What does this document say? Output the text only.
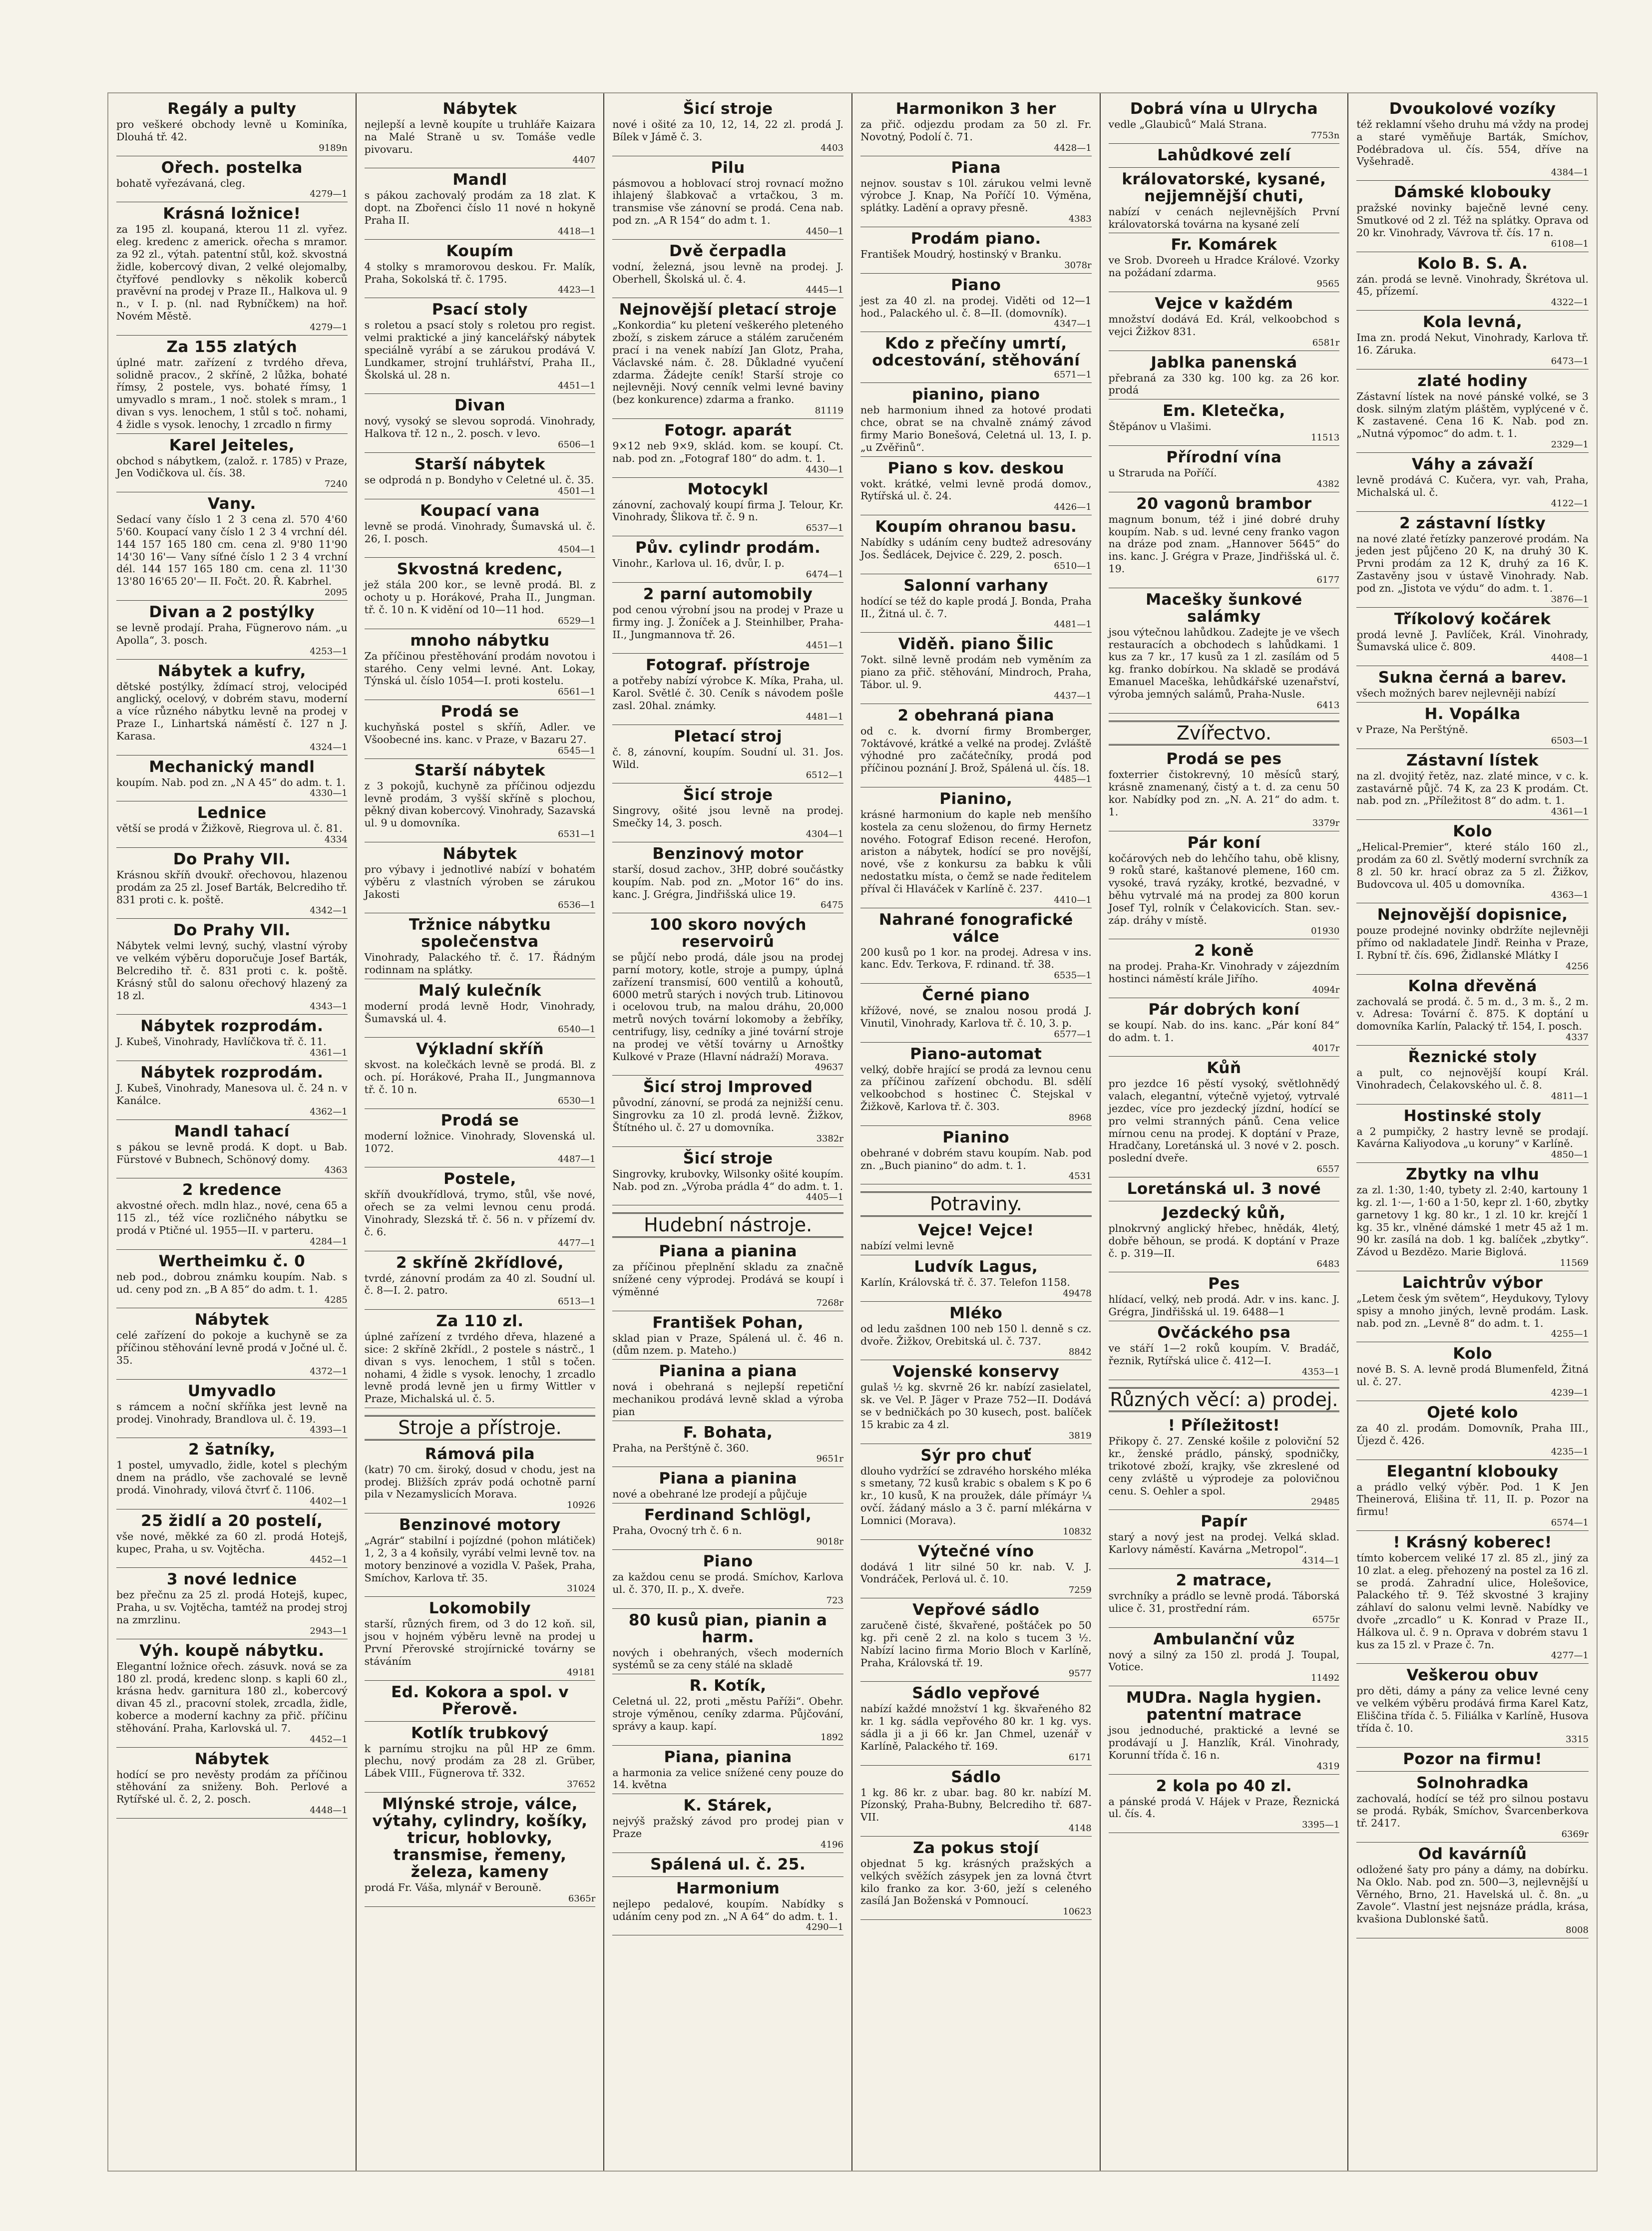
Regály a pulty

pro veškeré obchody levně u Kominíka, Dlouhá tř. 42.

9189n
Ořech. postelka

bohatě vyřezávaná, cleg.

4279—1
Krásná ložnice!

za 195 zl. koupaná, kterou 11 zl. vyřez. eleg. kredenc z americk. ořecha s mramor. za 92 zl., výtah. patentní stůl, kož. skvostná židle, kobercový divan, 2 velké olejomalby, čtyřfové pendlovky s několik koberců pravěvní na prodej v Praze II., Halkova ul. 9 n., v I. p. (nl. nad Rybníčkem) na hoř. Novém Městě.

4279—1
Za 155 zlatých

úplné matr. zařízení z tvrdého dřeva, solidně pracov., 2 skříně, 2 lůžka, bohaté římsy, 2 postele, vys. bohaté římsy, 1 umyvadlo s mram., 1 noč. stolek s mram., 1 divan s vys. lenochem, 1 stůl s toč. nohami, 4 židle s vysok. lenochy, 1 zrcadlo n firmy

Karel Jeiteles,

obchod s nábytkem, (založ. r. 1785) v Praze, Jen Vodičkova ul. čís. 38.

7240
Vany.

Sedací vany číslo 1 2 3 cena zl. 570 4'60 5'60. Koupací vany číslo 1 2 3 4 vrchní dél. 144 157 165 180 cm. cena zl. 9'80 11'90 14'30 16'— Vany síťné číslo 1 2 3 4 vrchní dél. 144 157 165 180 cm. cena zl. 11'30 13'80 16'65 20'— II. Fočt. 20. Ř. Kabrhel.

2095
Divan a 2 postýlky

se levně prodají. Praha, Fügnerovo nám. „u Apolla“, 3. posch.

4253—1
Nábytek a kufry,

dětské postýlky, ždímací stroj, velocipéd anglický, ocelový, v dobrém stavu, moderní a více různého nábytku levně na prodej v Praze I., Linhartská náměstí č. 127 n J. Karasa.

4324—1
Mechanický mandl

koupím. Nab. pod zn. „N A 45“ do adm. t. 1.

4330—1
Lednice

větší se prodá v Žižkově, Riegrova ul. č. 81.

4334
Do Prahy VII.

Krásnou skříň dvoukř. ořechovou, hlazenou prodám za 25 zl. Josef Barták, Belcredihо tř. 831 proti c. k. pоště.

4342—1
Do Prahy VII.

Nábytek velmi levný, suchý, vlastní výroby ve velkém výběru doporučuje Josef Barták, Belcrediho tř. č. 831 proti c. k. poště. Krásný stůl do salonu ořechový hlazený za 18 zl.

4343—1
Nábytek rozprodám.

J. Kubeš, Vinohrady, Havlíčkova tř. č. 11.

4361—1
Nábytek rozprodám.

J. Kubeš, Vinohrady, Manesova ul. č. 24 n. v Kanálce.

4362—1
Mandl tahací

s pákou se levně prodá. K dopt. u Bab. Fürstové v Bubnech, Schönový domy.

4363
2 kredence

akvostné ořech. mdln hlaz., nové, cena 65 a 115 zl., též více rozličného nábytku se prodá v Ptičné ul. 1955—II. v parteru.

4284—1
Wertheimku č. 0

neb pod., dobrou známku koupím. Nab. s ud. ceny pod zn. „B A 85“ do adm. t. 1.

4285
Nábytek

celé zařízení do pokoje a kuchyně se za příčinou stěhování levně prodá v Jočné ul. č. 35.

4372—1
Umyvadlo

s rámcem a noční skříňka jest levně na prodej. Vinohrady, Brandlova ul. č. 19.

4393—1
2 šatníky,

1 postel, umyvadlo, židle, kotel s plechým dnem na prádlo, vše zachovalé se levně prodá. Vinohrady, vilová čtvrť č. 1106.

4402—1
25 židlí a 20 postelí,

vše nové, měkké za 60 zl. prodá Hotejš, kupec, Praha, u sv. Vojtěcha.

4452—1
3 nové lednice

bez přečnu za 25 zl. prodá Hotejš, kupec, Praha, u sv. Vojtěcha, tamtéž na prodej stroj na zmrzlinu.

2943—1
Výh. koupě nábytku.

Elegantní ložnice ořech. zásuvk. nová se za 180 zl. prodá, kredenc slonp. s kapli 60 zl., krásna hedv. garnitura 180 zl., kobercový divan 45 zl., pracovní stolek, zrcadla, židle, koberce a moderní kachny za přič. příčinu stěhování. Praha, Karlovská ul. 7.

4452—1
Nábytek

hodící se pro nevěsty prodám za příčinou stěhování za sniženy. Boh. Perlové a Rytířské ul. č. 2, 2. posch.

4448—1
Nábytek

nejlepší a levně koupíte u truhláře Kaizara na Malé Straně u sv. Tomáše vedle pivovaru.

4407
Mandl

s pákou zachovalý prodám za 18 zlat. K dopt. na Zbořenci číslo 11 nové n hokyně Praha II.

4418—1
Koupím

4 stolky s mramorovou deskou. Fr. Malík, Praha, Sokolská tř. č. 1795.

4423—1
Psací stoly

s roletou a psací stoly s roletou pro regist. velmi praktické a jiný kancelářský nábytek speciálně vyrábí a se zárukou prodává V. Lundkamer, strojní truhlářství, Praha II., Školská ul. 28 n.

4451—1
Divan

nový, vysoký se slevou soprodá. Vinohrady, Halkova tř. 12 n., 2. posch. v levo.

6506—1
Starší nábytek

se odprodá n p. Bondyho v Celetné ul. č. 35.

4501—1
Koupací vana

levně se prodá. Vinohrady, Šumavská ul. č. 26, I. posch.

4504—1
Skvostná kredenc,

jež stála 200 kor., se levně prodá. Bl. z ochoty u p. Horákové, Praha II., Jungman. tř. č. 10 n. K vidění od 10—11 hod.

6529—1
mnoho nábytku

Za příčinou přestěhování prodám novotou i starého. Ceny velmi levné. Ant. Lokay, Týnská ul. číslo 1054—I. proti kostelu.

6561—1
Prodá se

kuchyňská postel s skříň, Adler. ve Všoobecné ins. kanc. v Praze, v Bazaru 27.

6545—1
Starší nábytek

z 3 pokojů, kuchyně za příčinou odjezdu levně prodám, 3 vyšší skříně s plochou, pěkný divan kobercový. Vinohrady, Sazavská ul. 9 u domovníka.

6531—1
Nábytek

pro výbavy i jednotlivé nabízí v bohatém výběru z vlastních výroben se zárukou Jakosti

6536—1
Tržnice nábytku společenstva

Vinohrady, Palackého tř. č. 17. Řádným rodinnam na splátky.

Malý kulečník

moderní prodá levně Hodr, Vinohrady, Šumavská ul. 4.

6540—1
Výkladní skříň

skvost. na kolečkách levně se prodá. Bl. z och. pí. Horákové, Praha II., Jungmannova tř. č. 10 n.

6530—1
Prodá se

moderní ložnice. Vinohrady, Slovenská ul. 1072.

4487—1
Postele,

skříň dvoukřídlová, trymo, stůl, vše nové, ořech se za velmi levnou cenu prodá. Vinohrady, Slezská tř. č. 56 n. v přízemí dv. č. 6.

4477—1
2 skříně 2křídlové,

tvrdé, zánovní prodám za 40 zl. Soudní ul. č. 8—I. 2. patro.

6513—1
Za 110 zl.

úplné zařízení z tvrdého dřeva, hlazené a sice: 2 skříně 2křídl., 2 postele s nástrč., 1 divan s vys. lenochem, 1 stůl s točen. nohami, 4 židle s vysok. lenochy, 1 zrcadlo levně prodá levně jen u firmy Wittler v Praze, Michalská ul. č. 5.

Stroje a přístroje.
Rámová pila

(katr) 70 cm. široký, dosud v chodu, jest na prodej. Bližších zpráv podá ochotně parní pila v Nezamyslicích Morava.

10926
Benzinové motory

„Agrár“ stabilní i pojízdné (pohon mlátiček) 1, 2, 3 a 4 koňsily, vyrábí velmi levně tov. na motory benzinové a vozidla V. Pašek, Praha, Smíchov, Karlova tř. 35.

31024
Lokomobily

starší, různých firem, od 3 do 12 koň. sil, jsou v hojném výběru levně na prodej u První Přerovské strojírnické továrny se stáváním

49181
Ed. Kokora a spol. v Přerově.
Kotlík trubkový

k parnímu strojku na půl HP ze 6mm. plechu, nový prodám za 28 zl. Grüber, Lábek VIII., Fügnerova tř. 332.

37652
Mlýnské stroje, válce, výtahy, cylindry, košíky, tricur, hoblovky, transmise, řemeny, železa, kameny

prodá Fr. Váša, mlynář v Berouně.

6365r
Šicí stroje

nové i ošité za 10, 12, 14, 22 zl. prodá J. Bílek v Jámě č. 3.

4403
Pilu

pásmovou a hoblovací stroj rovnací možno ihlajený šlabkovač a vrtačkou, 3 m. transmise vše zánovní se prodá. Cena nab. pod zn. „A R 154“ do adm t. 1.

4450—1
Dvě čerpadla

vodní, železná, jsou levně na prodej. J. Oberhell, Školská ul. č. 4.

4445—1
Nejnovější pletací stroje

„Konkordia“ ku pletení veškerého pleteného zboží, s ziskem záruce a stálém zaručeném prací i na venek nabízí Jan Glotz, Praha, Václavské nám. č. 28. Důkladné vyučení zdarma. Žádejte ceník! Starší stroje co nejlevněji. Nový cenník velmi levné baviny (bez konkurence) zdarma a franko.

81119
Fotogr. aparát

9×12 neb 9×9, sklád. kom. se koupí. Ct. nab. pod zn. „Fotograf 180“ do adm. t. 1.

4430—1
Motocykl

zánovní, zachovalý koupí firma J. Telour, Kr. Vinohrady, Šlikova tř. č. 9 n.

6537—1
Pův. cylindr prodám.

Vinohr., Karlova ul. 16, dvůr, I. p.

6474—1
2 parní automobily

pod cenou výrobní jsou na prodej v Praze u firmy ing. J. Žoníček a J. Steinhilber, Praha-II., Jungmannova tř. 26.

4451—1
Fotograf. přístroje

a potřeby nabízí výrobce K. Míka, Praha, ul. Karol. Světlé č. 30. Ceník s návodem pošle zasl. 20hal. známky.

4481—1
Pletací stroj

č. 8, zánovní, koupím. Soudní ul. 31. Jos. Wild.

6512—1
Šicí stroje

Singrovy, ošité jsou levně na prodej. Smečky 14, 3. posch.

4304—1
Benzinový motor

starší, dosud zachov., 3HP, dobré součástky koupím. Nab. pod zn. „Motor 16“ do ins. kanc. J. Grégra, Jindřišská ulice 19.

6475
100 skoro nových reservoirů

se půjčí nebo prodá, dále jsou na prodej parní motory, kotle, stroje a pumpy, úplná zařízení transmisí, 600 ventilů a kohoutů, 6000 metrů starých i nových trub. Litinovou i ocelovou trub, na malou dráhu, 20,000 metrů nových tovární lokomoby a žebříky, centrifugy, lisy, cedníky a jiné tovární stroje na prodej ve větší továrny u Arnoštky Kulkové v Praze (Hlavní nádraží) Morava.

49637
Šicí stroj Improved

původní, zánovní, se prodá za nejnižší cenu. Singrovku za 10 zl. prodá levně. Žižkov, Štítného ul. č. 27 u domovníka.

3382r
Šicí stroje

Singrovky, krubovky, Wilsonky ošité koupím. Nab. pod zn. „Výroba prádla 4“ do adm. t. 1.

4405—1
Hudební nástroje.
Piana a pianina

za příčinou přeplnění skladu za značně snížené ceny výprodej. Prodává se koupí i výměnné

7268r
František Pohan,

sklad pian v Praze, Spálená ul. č. 46 n. (dům nzem. p. Mateho.)

Pianina a piana

nová i obehraná s nejlepší repetiční mechanikou prodává levně sklad a výroba pian

F. Bohata,

Praha, na Perštýně č. 360.

9651r
Piana a pianina

nové a obehrané lze prodejí a půjčuje

Ferdinand Schlögl,

Praha, Ovocný trh č. 6 n.

9018r
Piano

za každou cenu se prodá. Smíchov, Karlova ul. č. 370, II. p., X. dveře.

723
80 kusů pian, pianin a harm.

nových i obehraných, všech moderních systémů se za ceny stálé na skladě

R. Kotík,

Celetná ul. 22, proti „městu Paříži“. Obehr. stroje výměnou, ceníky zdarma. Půjčování, správy a kaup. kapí.

1892
Piana, pianina

a harmonia za velice snížené ceny pouze do 14. května

K. Stárek,

nejvýš pražský závod pro prodej pian v Praze

4196
Spálená ul. č. 25.
Harmonium

nejlepo pedalové, koupím. Nabídky s udáním ceny pod zn. „N A 64“ do adm. t. 1.

4290—1
Harmonikon 3 her

za přič. odjezdu prodam za 50 zl. Fr. Novotný, Podolí č. 71.

4428—1
Piana

nejnov. soustav s 10l. zárukou velmi levně výrobce J. Knap, Na Poříčí 10. Výměna, splátky. Ladění a opravy přesně.

4383
Prodám piano.

František Moudrý, hostinský v Branku.

3078r
Piano

jest za 40 zl. na prodej. Viděti od 12—1 hod., Palackého ul. č. 8—II. (domovník).

4347—1
Kdo z přečíny umrtí, odcestování, stěhování
6571—1
pianino, piano

neb harmonium ihned za hotové prodati chce, obrat se na chvalně známý závod firmy Mario Bonešová, Celetná ul. 13, I. p. „u Zvěřinů“.

Piano s kov. deskou

vokt. krátké, velmi levně prodá domov., Rytířská ul. č. 24.

4426—1
Koupím ohranou basu.

Nabídky s udáním ceny budtež adresovány Jos. Šedlácek, Dejvice č. 229, 2. posch.

6510—1
Salonní varhany

hodící se též do kaple prodá J. Bonda, Praha II., Žitná ul. č. 7.

4481—1
Viděň. piano Šilic

7okt. silně levně prodám neb vyměním za piano za přič. stěhování, Mindroch, Praha, Tábor. ul. 9.

4437—1
2 obehraná piana

od c. k. dvorní firmy Bromberger, 7oktávové, krátké a velké na prodej. Zvláště výhodné pro začátečníky, prodá pod příčinou poznání J. Brož, Spálená ul. čís. 18.

4485—1
Pianino,

krásné harmonium do kaple neb menšího kostela za cenu složenou, do firmy Hernetz nového. Fotograf Edison recené. Herofon, ariston a nábytek, hodící se pro novější, nové, vše z konkursu za babku k vůli nedostatku místa, o čemž se nade ředitelem příval či Hlaváček v Karlíně č. 237.

4410—1
Nahrané fonografické válce

200 kusů po 1 kor. na prodej. Adresa v ins. kanc. Edv. Terkova, F. rdinand. tř. 38.

6535—1
Černé piano

křížové, nové, se znalou nosou prodá J. Vinutil, Vinohrady, Karlova tř. č. 10, 3. p.

6577—1
Piano-automat

velký, dobře hrající se prodá za levnou cenu za příčinou zařízení obchodu. Bl. sdělí velkoobchod s hostinec Č. Stejskal v Žižkově, Karlova tř. č. 303.

8968
Pianino

obehrané v dobrém stavu koupím. Nab. pod zn. „Buch pianino“ do adm. t. 1.

4531
Potraviny.
Vejce! Vejce!

nabízí velmi levně

Ludvík Lagus,

Karlín, Královská tř. č. 37. Telefon 1158.

49478
Mléko

od ledu zašdnen 100 neb 150 l. denně s cz. dvoře. Žižkov, Orebitská ul. č. 737.

8842
Vojenské konservy

gulaš ½ kg. skvrně 26 kr. nabízí zasielatel, sk. ve Vel. P. Jäger v Praze 752—II. Dodává se v bedničkách po 30 kusech, post. balíček 15 krabic za 4 zl.

3819
Sýr pro chuť

dlouho vydržící se zdravého horského mléka s smetany, 72 kusů krabic s obalem s K po 6 kr., 10 kusů, K na proužek, dále přímáyr ¼ ovčí. žádaný máslo a 3 č. parní mlékárna v Lomnici (Morava).

10832
Výtečné víno

dodává 1 litr silné 50 kr. nab. V. J. Vondráček, Perlová ul. č. 10.

7259
Vepřové sádlo

zaručeně čisté, škvařené, poštáček po 50 kg. při ceně 2 zl. na kolo s tucem 3 ½. Nabízí lacino firma Morio Bloch v Karlíně, Praha, Královská tř. 19.

9577
Sádlo vepřové

nabízí každé množství 1 kg. škvařeného 82 kr. 1 kg. sádla vepřového 80 kr. 1 kg. vys. sádla ji a ji 66 kr. Jan Chmel, uzenář v Karlíně, Palackého tř. 169.

6171
Sádlo

1 kg. 86 kr. z ubar. bag. 80 kr. nabízí M. Pízonský, Praha-Bubny, Belcrediho tř. 687-VII.

4148
Za pokus stojí

objednat 5 kg. krásných pražských a velkých svěžích zásypek jen za lovná čtvrt kilo franko za kor. 3·60, ježí s celeného zasílá Jan Boženská v Pomnoucí.

10623
Dobrá vína u Ulrycha

vedle „Glaubiců“ Malá Strana.

7753n
Lahůdkové zelí
královatorské, kysané, nejjemnější chuti,

nabízí v cenách nejlevnějších První královatorská továrna na kysané zelí

Fr. Komárek

ve Srob. Dvoreeh u Hradce Králové. Vzorky na požádaní zdarma.

9565
Vejce v každém

množství dodává Ed. Král, velkoobchod s vejci Žižkov 831.

6581r
Jablka panenská

přebraná za 330 kg. 100 kg. za 26 kor. prodá

Em. Kletečka,

Štěpánov u Vlašimi.

11513
Přírodní vína

u Straruda na Poříčí.

4382
20 vagonů brambor

magnum bonum, též i jiné dobré druhy koupím. Nab. s ud. levné ceny franko vagon na dráze pod znam. „Hannover 5645“ do ins. kanc. J. Grégra v Praze, Jindřišská ul. č. 19.

6177
Macešky šunkové salámky

jsou výtečnou lahůdkou. Zadejte je ve všech restauracích a obchodech s lahůdkami. 1 kus za 7 kr., 17 kusů za 1 zl. zasílám od 5 kg. franko dobírkou. Na skladě se prodává Emanuel Maceška, lehůdkářské uzenařství, výroba jemných salámů, Praha-Nusle.

6413
Zvířectvo.
Prodá se pes

foxterrier čistokrevný, 10 měsíců starý, krásně znamenaný, čistý a t. d. za cenu 50 kor. Nabídky pod zn. „N. A. 21“ do adm. t. 1.

3379r
Pár koní

kočárových neb do lehčího tahu, obě klisny, 9 roků staré, kaštanové plemene, 160 cm. vysoké, travá ryzáky, krotké, bezvadné, v běhu vytrvalé má na prodej za 800 korun Josef Tyl, rolník v Ćelakovicích. Stan. sev.-záp. dráhy v místě.

01930
2 koně

na prodej. Praha-Kr. Vinohrady v zájezdním hostinci náměstí krále Jiřího.

4094r
Pár dobrých koní

se koupí. Nab. do ins. kanc. „Pár koní 84“ do adm. t. 1.

4017r
Kůň

pro jezdce 16 pěstí vysoký, světlohnědý valach, elegantní, výtečně vyjetoý, vytrvalé jezdec, více pro jezdecký jízdní, hodící se pro velmi stranných pánů. Cena velice mírnou cenu na prodej. K doptání v Praze, Hradčany, Loretánská ul. 3 nové v 2. posch. poslední dveře.

6557
Loretánská ul. 3 nové
Jezdecký kůň,

plnokrvný anglický hřebec, hnědák, 4letý, dobře běhoun, se prodá. K doptání v Praze č. p. 319—II.

6483
Pes

hlídací, velký, neb prodá. Adr. v ins. kanc. J. Grégra, Jindřišská ul. 19. 6488—1

Ovčáckého psa

ve stáří 1—2 roků koupím. V. Bradáč, řeznik, Rytířská ulice č. 412—I.

4353—1
Různých věcí: a) prodej.
! Příležitost!

Přikopy č. 27. Zenské košile z poloviční 52 kr., ženské prádlo, pánský, spodničky, trikotové zboží, krajky, vše zkreslené od ceny zvláště u výprodeje za polovičnou cenu. S. Oehler a spol.

29485
Papír

starý a nový jest na prodej. Velká sklad. Karlovy náměstí. Kavárna „Metropol“.

4314—1
2 matrace,

svrchníky a prádlo se levně prodá. Táborská ulice č. 31, prostřední rám.

6575r
Ambulanční vůz

nový a silný za 150 zl. prodá J. Toupal, Votice.

11492
MUDra. Nagla hygien. patentní matrace

jsou jednoduché, praktické a levné se prodávají u J. Hanzlík, Král. Vinohrady, Korunní třída č. 16 n.

4319
2 kola po 40 zl.

a pánské prodá V. Hájek v Praze, Řeznická ul. čís. 4.

3395—1
Dvoukolové vozíky

též reklamní všeho druhu má vždy na prodej a staré vyměňuje Barták, Smíchov, Podébradova ul. čís. 554, dříve na Vyšehradě.

4384—1
Dámské klobouky

pražské novinky baječně levné ceny. Smutkové od 2 zl. Též na splátky. Oprava od 20 kr. Vinohrady, Vávrova tř. čís. 17 n.

6108—1
Kolo B. S. A.

zán. prodá se levně. Vinohrady, Škrétova ul. 45, přízemí.

4322—1
Kola levná,

Ima zn. prodá Nekut, Vinohrady, Karlova tř. 16. Záruka.

6473—1
zlaté hodiny

Zástavní lístek na nové pánské volké, se 3 dosk. silným zlatým pláštěm, vyplýcené v č. K zastavené. Cena 16 K. Nab. pod zn. „Nutná výpomoc“ do adm. t. 1.

2329—1
Váhy a závaží

levně prodává C. Kučera, vyr. vah, Praha, Michalská ul. č.

4122—1
2 zástavní lístky

na nové zlaté řetízky panzerové prodám. Na jeden jest půjčeno 20 K, na druhý 30 K. Prvni prodám za 12 K, druhý za 16 K. Zastavěny jsou v ústavě Vinohrady. Nab. pod zn. „Jistota ve výdu“ do adm. t. 1.

3876—1
Tříkolový kočárek

prodá levně J. Pavlíček, Král. Vinohrady, Šumavská ulice č. 809.

4408—1
Sukna černá a barev.

všech možných barev nejlevněji nabízí

H. Vopálka

v Praze, Na Perštýně.

6503—1
Zástavní lístek

na zl. dvojitý řetěz, naz. zlaté mince, v c. k. zastavárně půjč. 74 K, za 23 K prodám. Ct. nab. pod zn. „Příležitost 8“ do adm. t. 1.

4361—1
Kolo

„Helical-Premier“, které stálo 160 zl., prodám za 60 zl. Světlý moderní svrchník za 8 zl. 50 kr. hrací obraz za 5 zl. Žižkov, Budovcova ul. 405 u domovníka.

4363—1
Nejnovější dopisnice,

pouze prodejné novinky obdržíte nejlevněji přímo od nakladatele Jindř. Reinha v Praze, I. Rybní tř. čís. 696, Židlanské Mlátky I

4256
Kolna dřevěná

zachovalá se prodá. č. 5 m. d., 3 m. š., 2 m. v. Adresa: Tovární č. 875. K doptání u domovníka Karlín, Palacký tř. 154, I. posch.

4337
Řeznické stoly

a pult, co nejnovější koupí Král. Vinohradech, Čelakovského ul. č. 8.

4811—1
Hostinské stoly

a 2 pumpičky, 2 hastry levně se prodají. Kavárna Kaliyodova „u koruny“ v Karlíně.

4850—1
Zbytky na vlhu

za zl. 1:30, 1:40, tybety zl. 2:40, kartouny 1 kg. zl. 1·—, 1·60 a 1·50, kepr zl. 1·60, zbytky garnetovy 1 kg. 80 kr., 1 zl. 10 kr. krejčí 1 kg. 35 kr., vlněné dámské 1 metr 45 až 1 m. 90 kr. zasílá na dob. 1 kg. balíček „zbytky“. Závod u Bezdězo. Marie Biglová.

11569
Laichtrův výbor

„Letem česk ým světem“, Heydukovy, Tylovy spisy a mnoho jiných, levně prodám. Lask. nab. pod zn. „Levně 8“ do adm. t. 1.

4255—1
Kolo

nové B. S. A. levně prodá Blumenfeld, Žitná ul. č. 27.

4239—1
Ojeté kolo

za 40 zl. prodám. Domovník, Praha III., Újezd č. 426.

4235—1
Elegantní klobouky

a prádlo velký výběr. Pod. 1 K Jen Theinerová, Elišina tř. 11, II. p. Pozor na firmu!

6574—1
! Krásný koberec!

tímto kobercem veliké 17 zl. 85 zl., jiný za 10 zlat. a eleg. přehozený na postel za 16 zl. se prodá. Zahradní ulice, Holešovice, Palackého tř. 9. Též skvostné 3 krajiny záhlaví do salonu velmi levně. Nabídky ve dvoře „zrcadlo“ u K. Konrad v Praze II., Hálkova ul. č. 9 n. Oprava v dobrém stavu 1 kus za 15 zl. v Praze č. 7n.

4277—1
Veškerou obuv

pro děti, dámy a pány za velice levné ceny ve velkém výběru prodává firma Karel Katz, Eliščina třída č. 5. Filiálka v Karlíně, Husova třída č. 10.

3315
Pozor na firmu!
Solnohradka

zachovalá, hodící se též pro silnou postavu se prodá. Rybák, Smíchov, Švarcenberkova tř. 2417.

6369r
Od kavárníů

odložené šaty pro pány a dámy, na dobírku. Na Oklo. Nab. pod zn. 500—3, nejlevnější u Věrného, Brno, 21. Havelská ul. č. 8n. „u Zavole“. Vlastní jest nejsnáze prádla, krása, kvašiona Dublonské šatů.

8008
